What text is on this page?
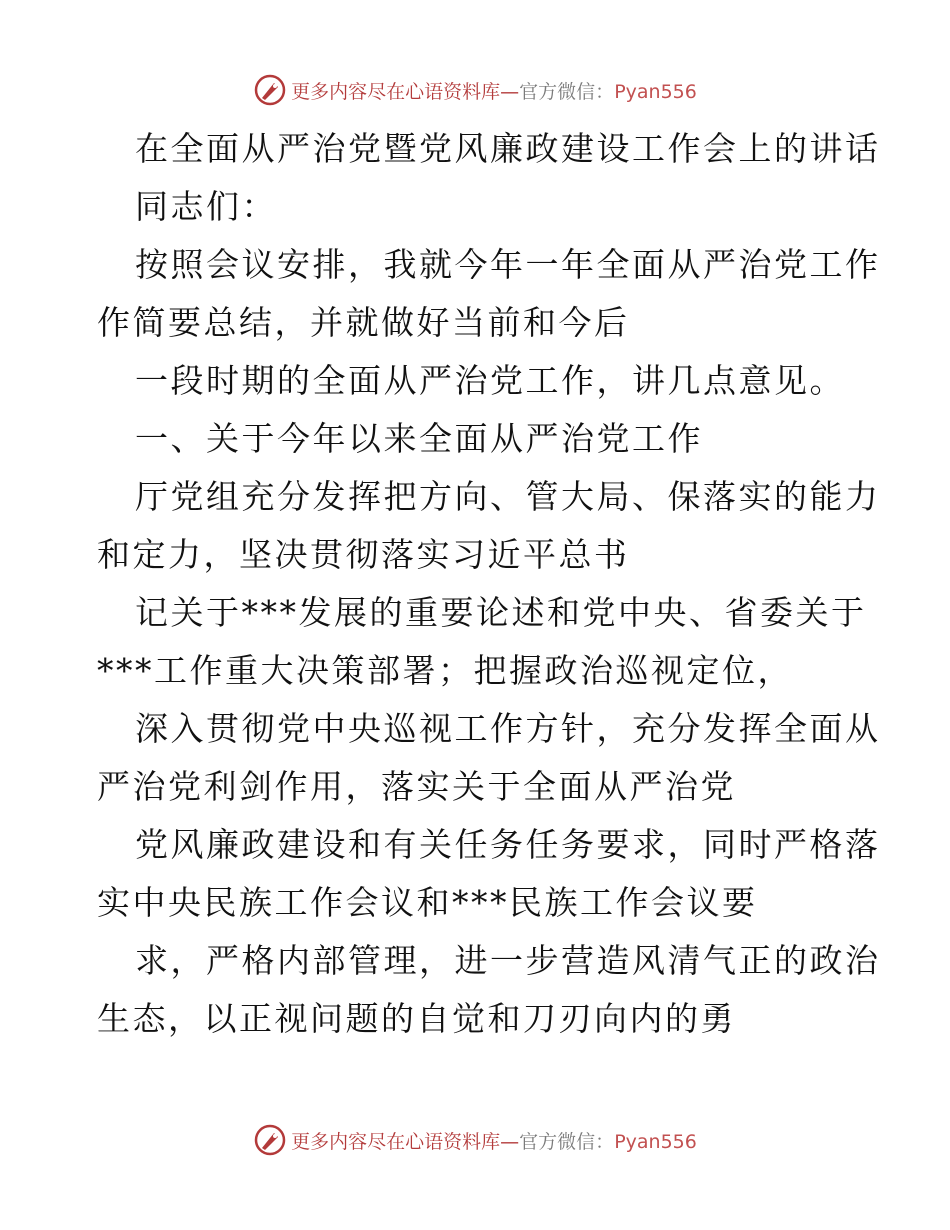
更多内容尽在心语资料库—官方微信：Pyan556
在全面从严治党暨党风廉政建设工作会上的讲话
同志们：
按照会议安排，我就今年一年全面从严治党工作
作简要总结，并就做好当前和今后
一段时期的全面从严治党工作，讲几点意见。
一、关于今年以来全面从严治党工作
厅党组充分发挥把方向、管大局、保落实的能力
和定力，坚决贯彻落实习近平总书
记关于***发展的重要论述和党中央、省委关于
***工作重大决策部署；把握政治巡视定位，
深入贯彻党中央巡视工作方针，充分发挥全面从
严治党利剑作用，落实关于全面从严治党
党风廉政建设和有关任务任务要求，同时严格落
实中央民族工作会议和***民族工作会议要
求，严格内部管理，进一步营造风清气正的政治
生态，以正视问题的自觉和刀刃向内的勇
更多内容尽在心语资料库—官方微信：Pyan556
